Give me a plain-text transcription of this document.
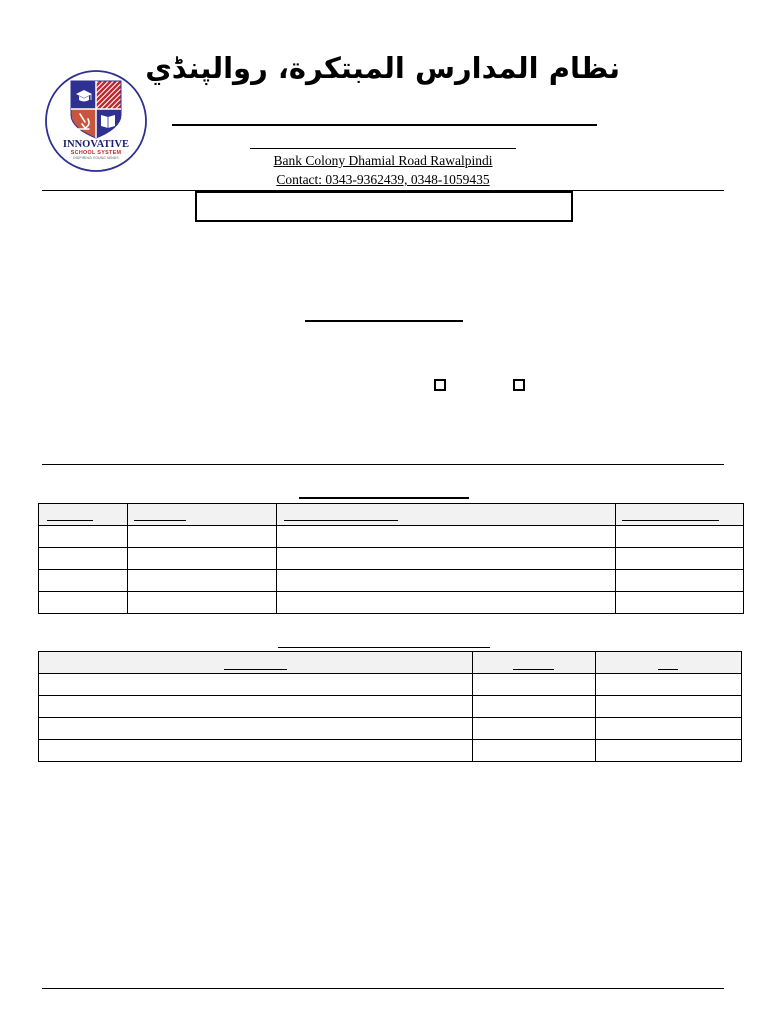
INNOVATIVE
SCHOOL SYSTEM
INSPIRING YOUNG MINDS
نظام المدارس المبتكرة، روالپنڈي
Bank Colony Dhamial Road Rawalpindi
Contact: 0343-9362439, 0348-1059435
